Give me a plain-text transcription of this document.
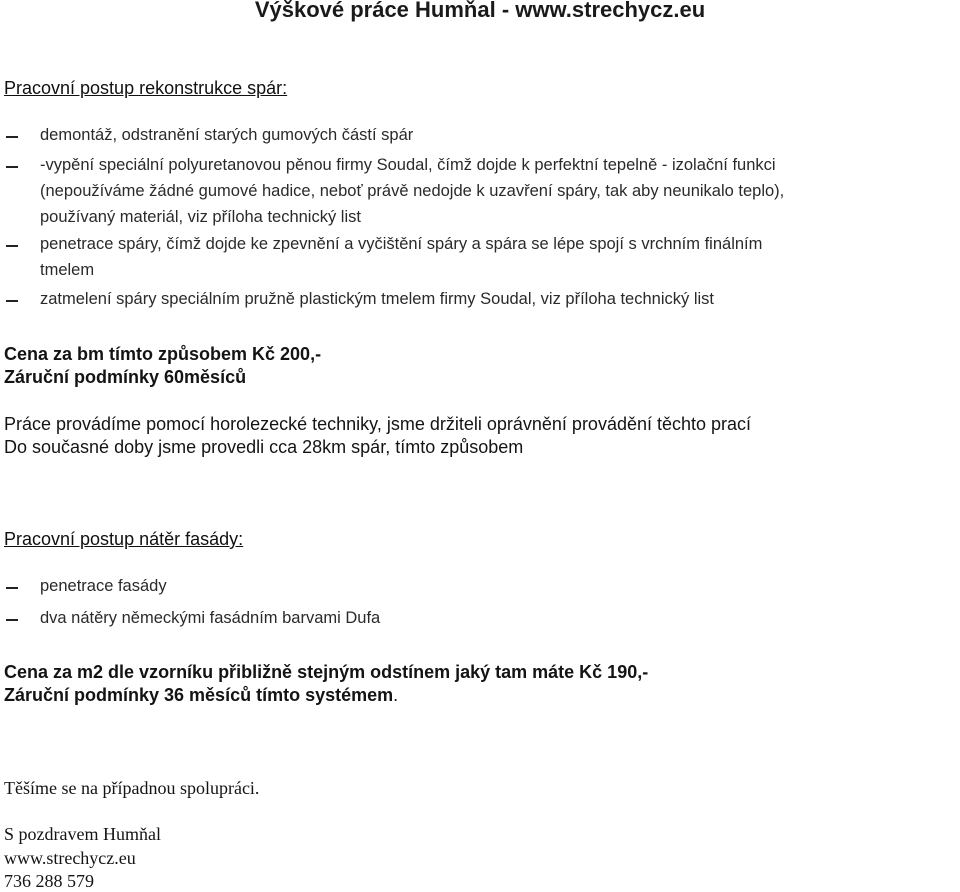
Výškové práce Humňal - www.strechycz.eu
Pracovní postup rekonstrukce spár:
demontáž, odstranění starých gumových částí spár
-vypění speciální polyuretanovou pěnou firmy Soudal, čímž dojde k perfektní tepelně - izolační funkci
(nepoužíváme žádné gumové hadice, neboť právě nedojde k uzavření spáry, tak aby neunikalo teplo),
používaný materiál, viz příloha technický list
penetrace spáry, čímž dojde ke zpevnění a vyčištění spáry a spára se lépe spojí s vrchním finálním
tmelem
zatmelení spáry speciálním pružně plastickým tmelem firmy Soudal, viz příloha technický list
Cena za bm tímto způsobem Kč 200,-
Záruční podmínky 60měsíců
Práce provádíme pomocí horolezecké techniky, jsme držiteli oprávnění provádění těchto prací
Do současné doby jsme provedli cca 28km spár, tímto způsobem
Pracovní postup nátěr fasády:
penetrace fasády
dva nátěry německými fasádním barvami Dufa
Cena za m2 dle vzorníku přibližně stejným odstínem jaký tam máte Kč 190,-
Záruční podmínky 36 měsíců tímto systémem.
Těšíme se na případnou spolupráci.
S pozdravem Humňal
www.strechycz.eu
736 288 579
